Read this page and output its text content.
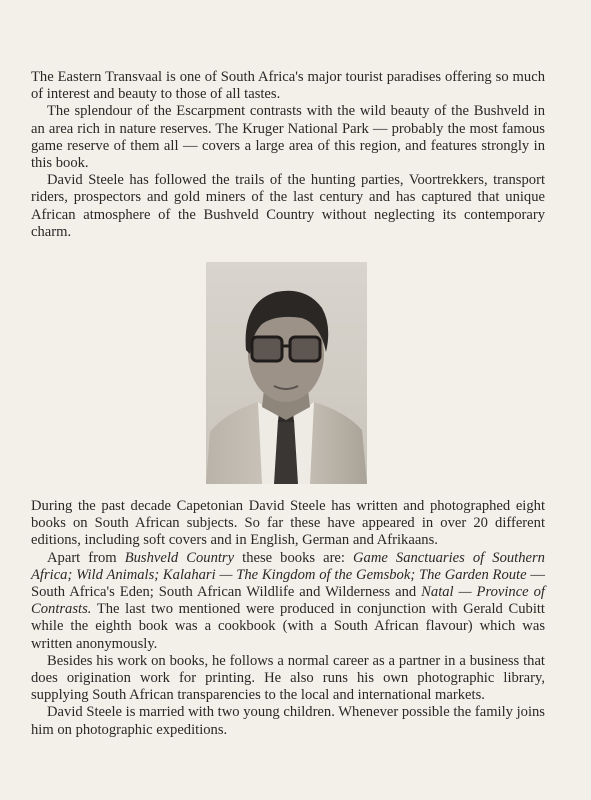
The Eastern Transvaal is one of South Africa's major tourist paradises offering so much of interest and beauty to those of all tastes.

The splendour of the Escarpment contrasts with the wild beauty of the Bushveld in an area rich in nature reserves. The Kruger National Park — probably the most famous game reserve of them all — covers a large area of this region, and features strongly in this book.

David Steele has followed the trails of the hunting parties, Voortrekkers, transport riders, prospectors and gold miners of the last century and has captured that unique African atmosphere of the Bushveld Country without neglecting its contemporary charm.

During the past decade Capetonian David Steele has written and photographed eight books on South African subjects. So far these have appeared in over 20 different editions, including soft covers and in English, German and Afrikaans.

Apart from Bushveld Country these books are: Game Sanctuaries of Southern Africa; Wild Animals; Kalahari — The Kingdom of the Gemsbok; The Garden Route — South Africa's Eden; South African Wildlife and Wilderness and Natal — Province of Contrasts. The last two mentioned were produced in conjunction with Gerald Cubitt while the eighth book was a cookbook (with a South African flavour) which was written anonymously.

Besides his work on books, he follows a normal career as a partner in a business that does origination work for printing. He also runs his own photographic library, supplying South African transparencies to the local and international markets.

David Steele is married with two young children. Whenever possible the family joins him on photographic expeditions.
